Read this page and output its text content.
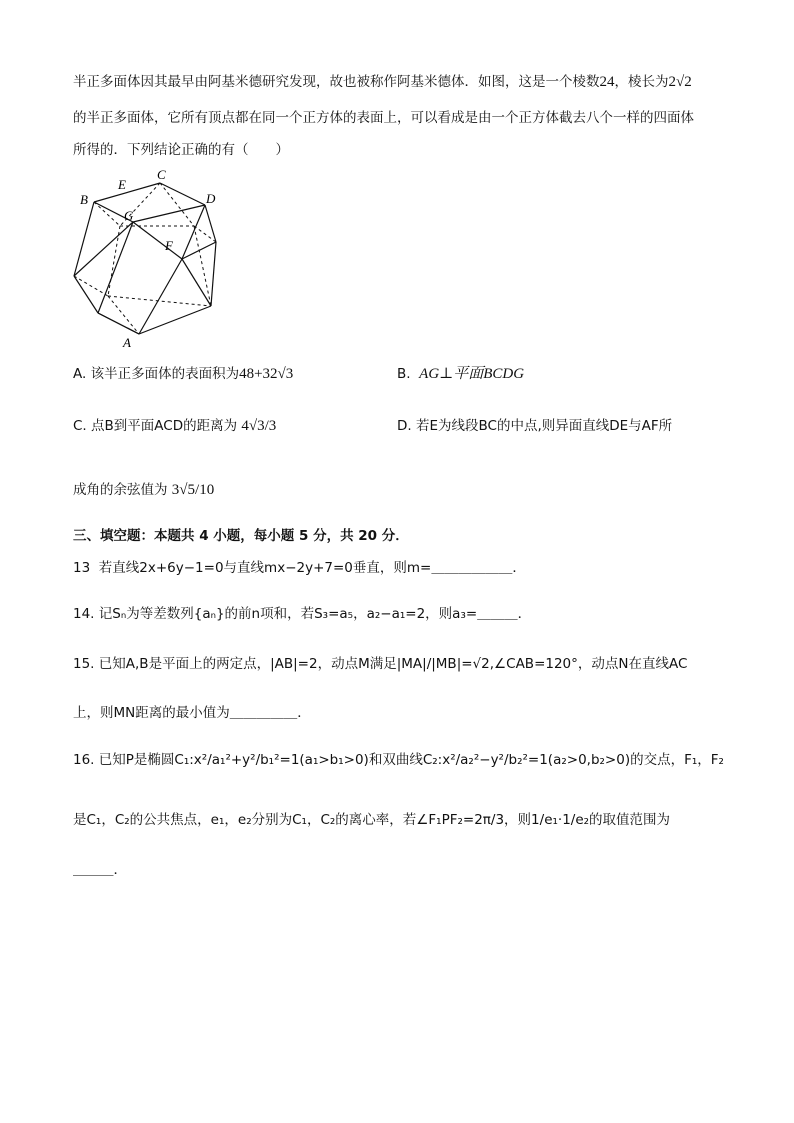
半正多面体因其最早由阿基米德研究发现，故也被称作阿基米德体．如图，这是一个棱数24，棱长为2√2
的半正多面体，它所有顶点都在同一个正方体的表面上，可以看成是由一个正方体截去八个一样的四面体
所得的．下列结论正确的有（　　）
B
E
C
D
G
F
A
A. 该半正多面体的表面积为48+32√3	B. AG⊥平面BCDG
C. 点B到平面ACD的距离为 4√3/3	D. 若E为线段BC的中点,则异面直线DE与AF所
成角的余弦值为 3√5/10
三、填空题：本题共 4 小题，每小题 5 分，共 20 分．
13 若直线2x+6y−1=0与直线mx−2y+7=0垂直，则m=＿＿＿＿＿＿．
14. 记Sₙ为等差数列{aₙ}的前n项和，若S₃=a₅，a₂−a₁=2，则a₃=＿＿＿．
15. 已知A,B是平面上的两定点，|AB|=2，动点M满足|MA|/|MB|=√2,∠CAB=120°，动点N在直线AC
上，则MN距离的最小值为＿＿＿＿＿．
16. 已知P是椭圆C₁:x²/a₁²+y²/b₁²=1(a₁>b₁>0)和双曲线C₂:x²/a₂²−y²/b₂²=1(a₂>0,b₂>0)的交点，F₁，F₂
是C₁，C₂的公共焦点，e₁，e₂分别为C₁，C₂的离心率，若∠F₁PF₂=2π/3，则1/e₁·1/e₂的取值范围为
＿＿＿．
